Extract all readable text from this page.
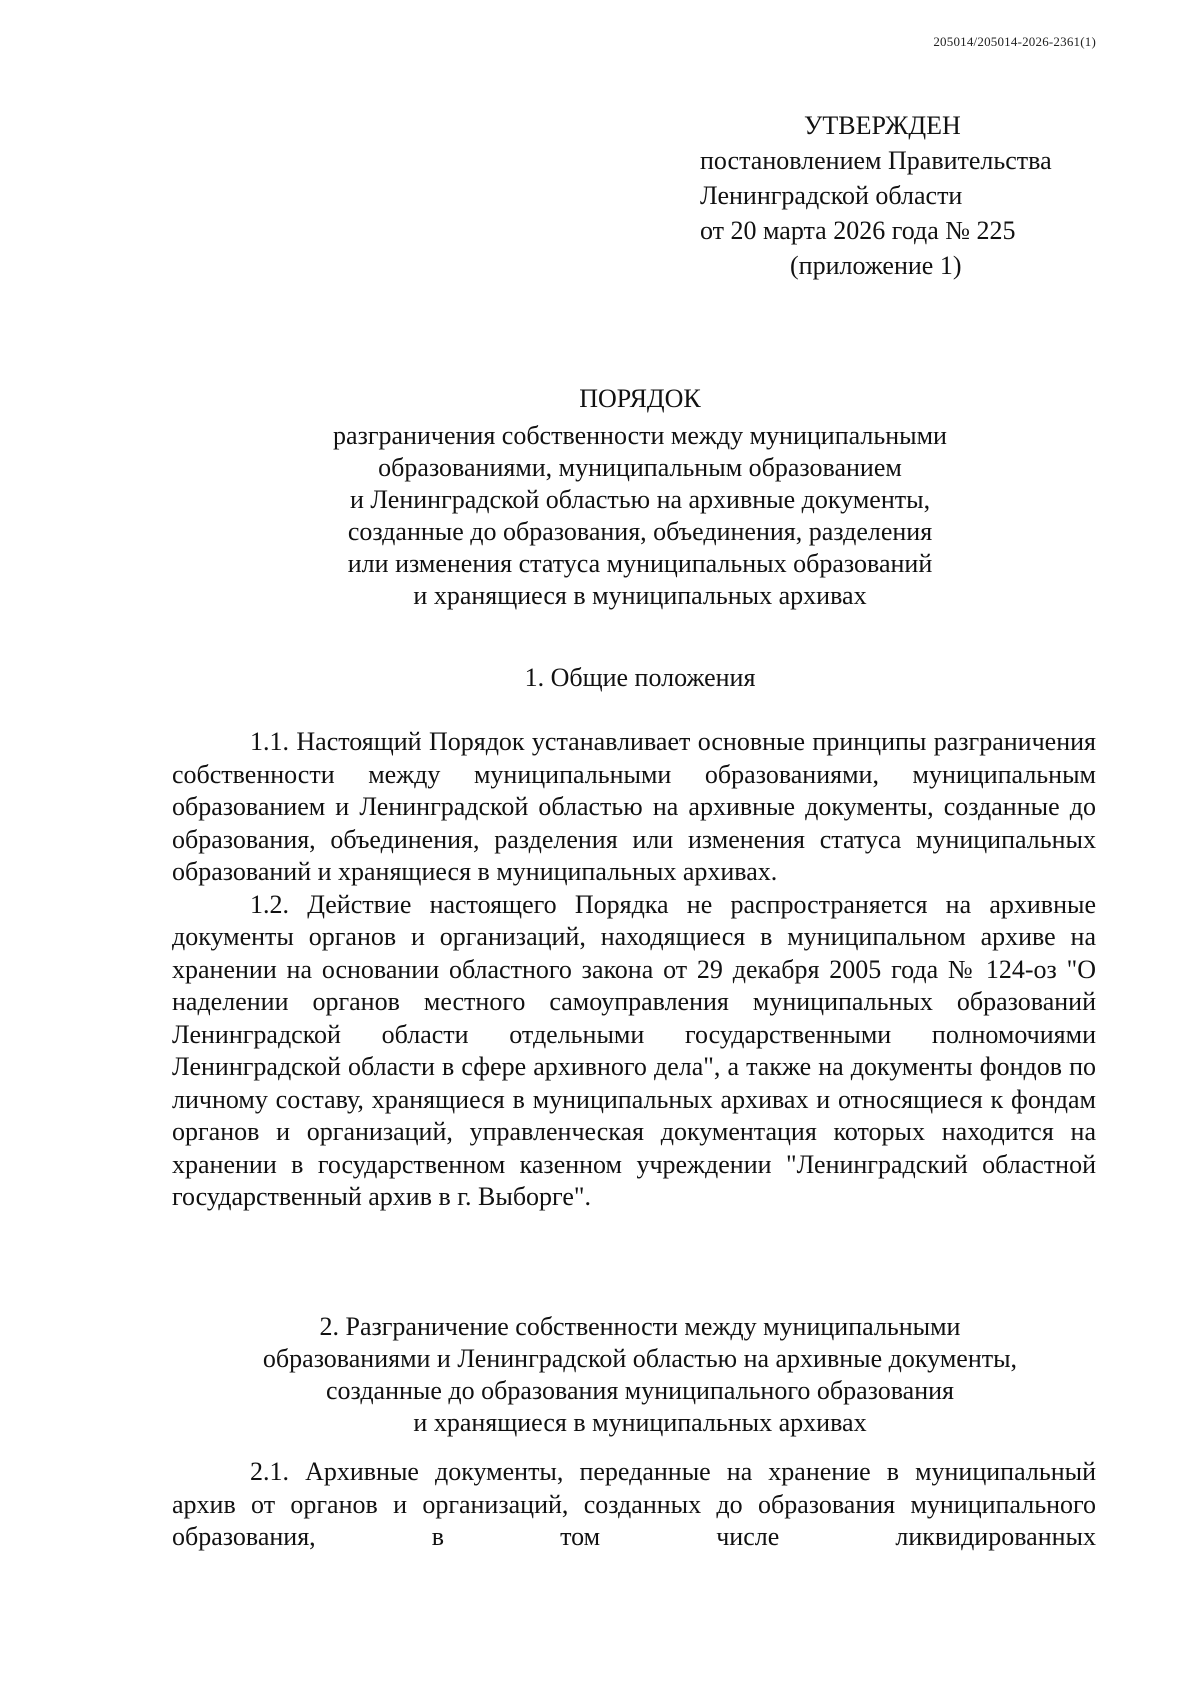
205014/205014-2026-2361(1)
УТВЕРЖДЕН
постановлением Правительства
Ленинградской области
от 20 марта 2026 года № 225
(приложение 1)
ПОРЯДОК
разграничения собственности между муниципальными
образованиями, муниципальным образованием
и Ленинградской областью на архивные документы,
созданные до образования, объединения, разделения
или изменения статуса муниципальных образований
и хранящиеся в муниципальных архивах
1. Общие положения

1.1. Настоящий Порядок устанавливает основные принципы разграничения собственности между муниципальными образованиями, муниципальным образованием и Ленинградской областью на архивные документы, созданные до образования, объединения, разделения или изменения статуса муниципальных образований и хранящиеся в муниципальных архивах.

1.2. Действие настоящего Порядка не распространяется на архивные документы органов и организаций, находящиеся в муниципальном архиве на хранении на основании областного закона от 29 декабря 2005 года № 124-оз "О наделении органов местного самоуправления муниципальных образований Ленинградской области отдельными государственными полномочиями Ленинградской области в сфере архивного дела", а также на документы фондов по личному составу, хранящиеся в муниципальных архивах и относящиеся к фондам органов и организаций, управленческая документация которых находится на хранении в государственном казенном учреждении "Ленинградский областной государственный архив в г. Выборге".

2. Разграничение собственности между муниципальными
образованиями и Ленинградской областью на архивные документы,
созданные до образования муниципального образования
и хранящиеся в муниципальных архивах

2.1. Архивные документы, переданные на хранение в муниципальный архив от органов и организаций, созданных до образования муниципального образования, в том числе ликвидированных
